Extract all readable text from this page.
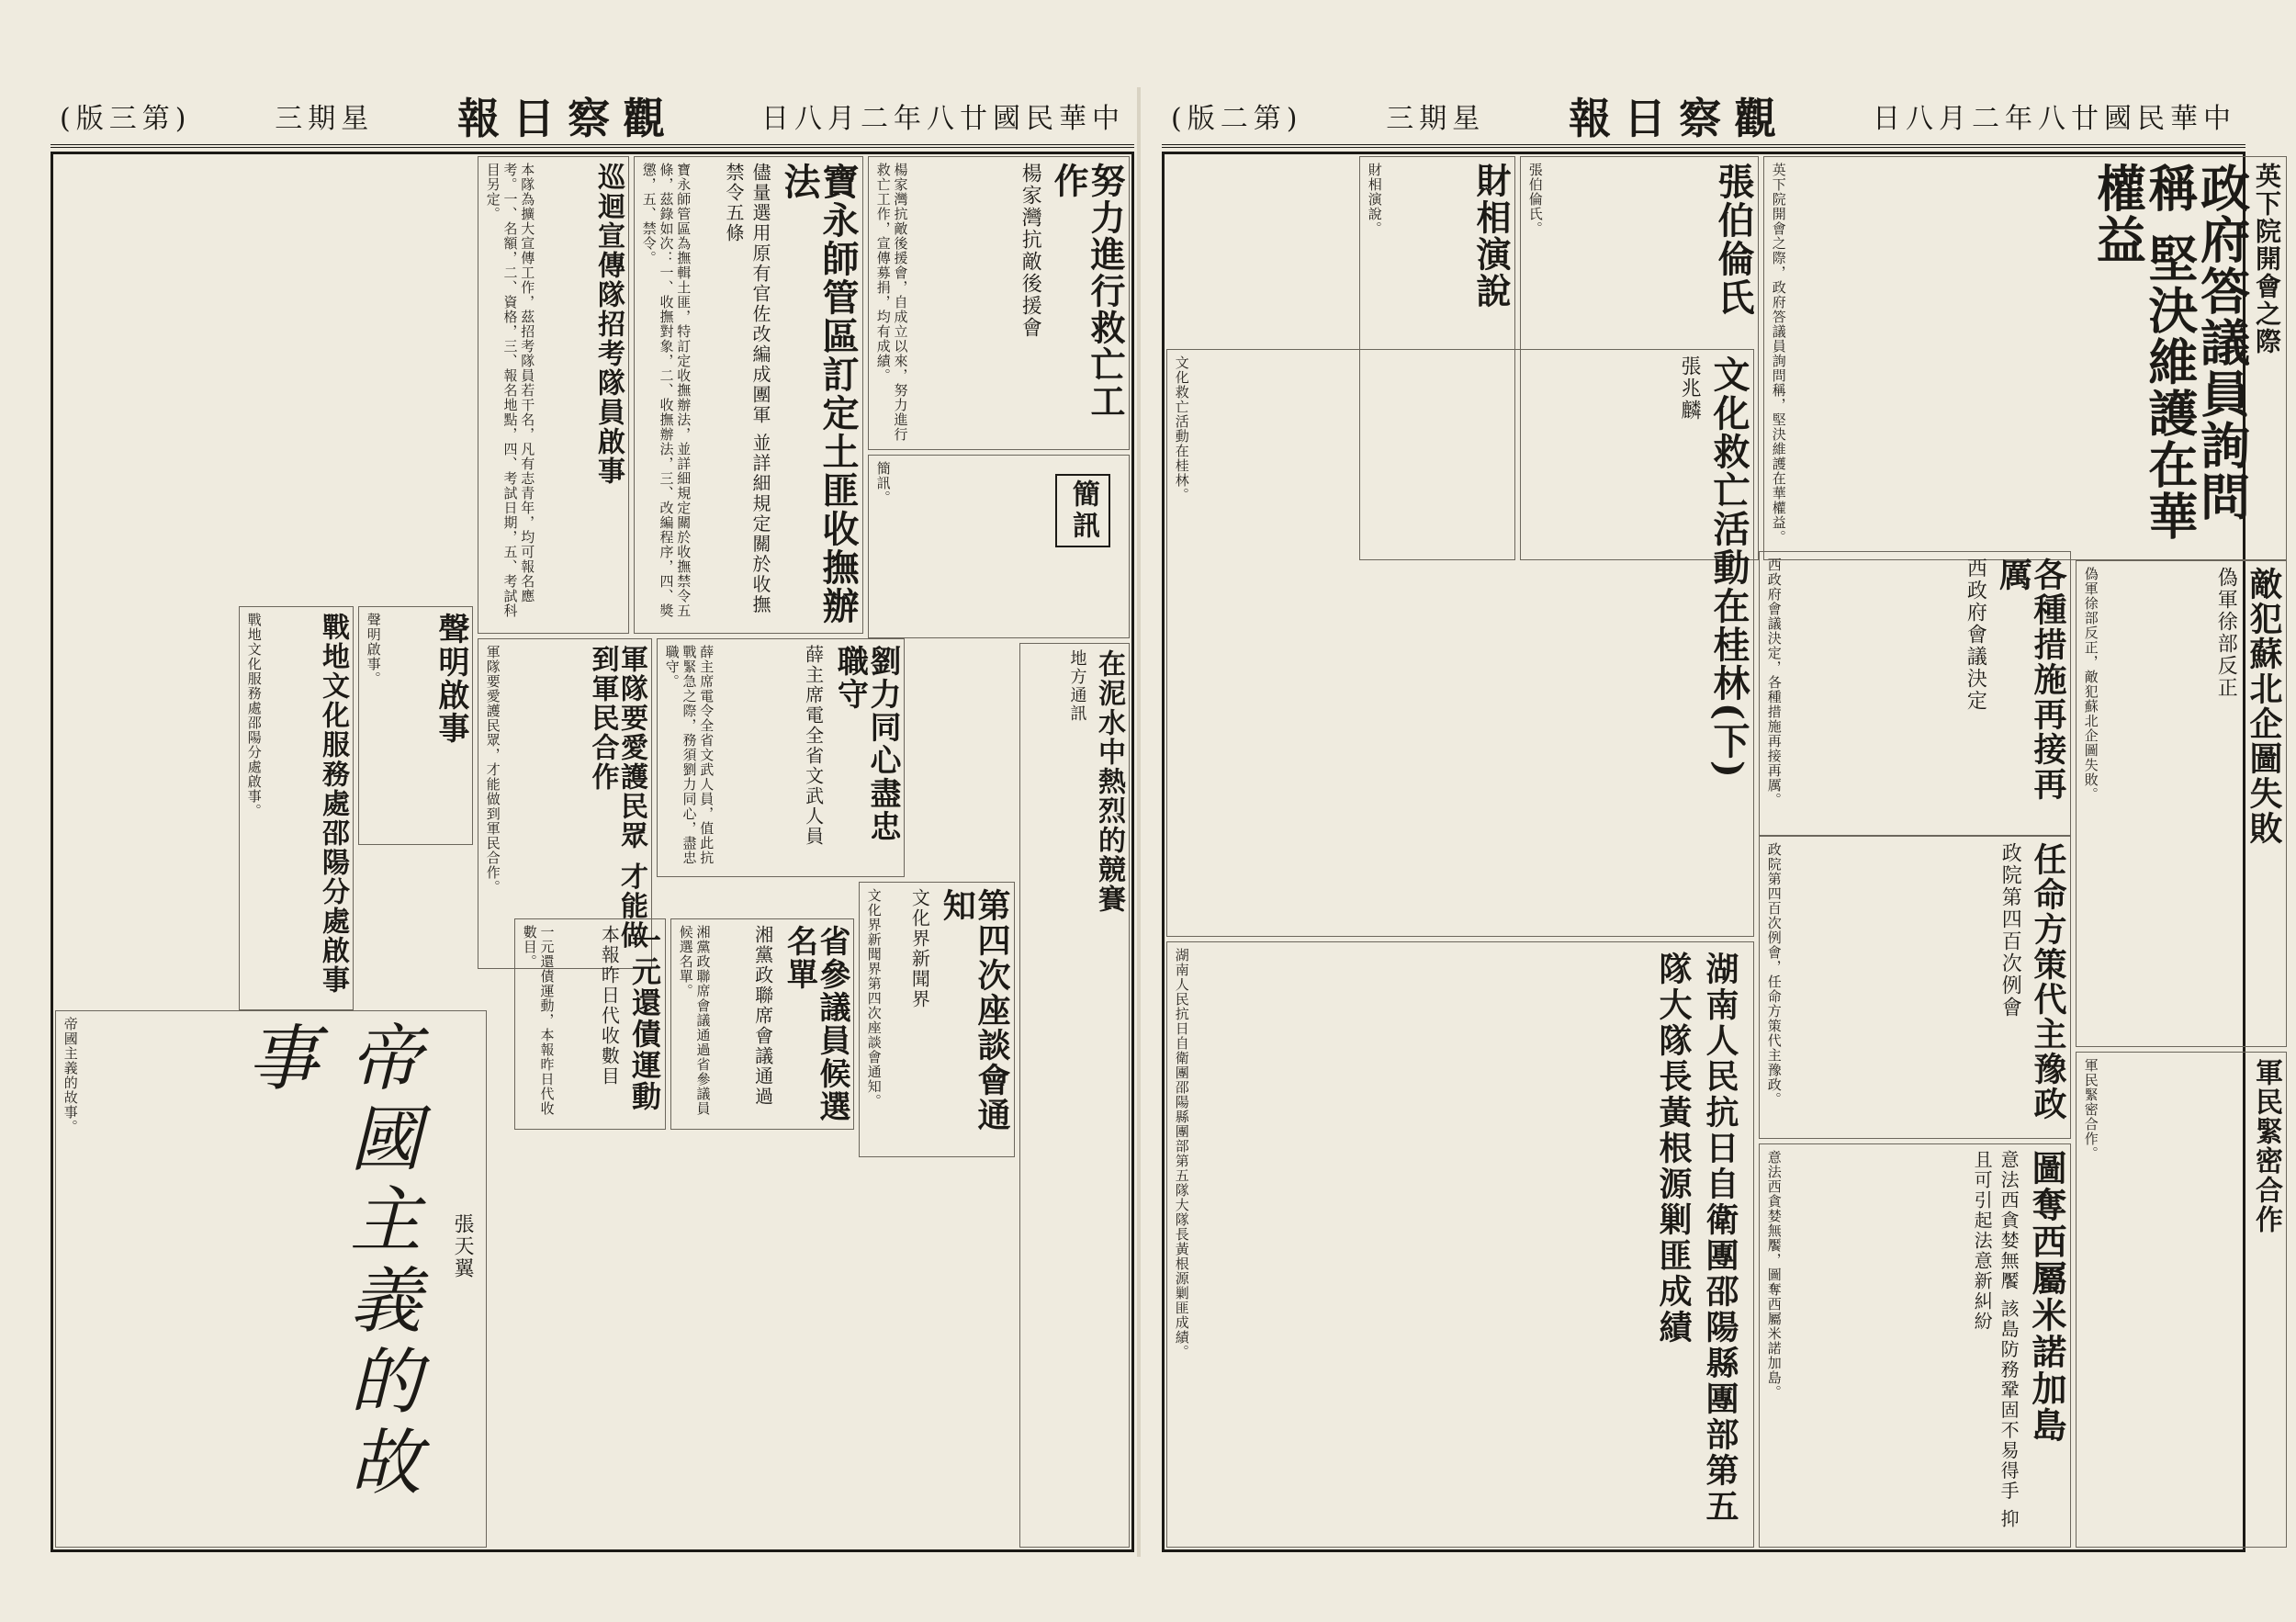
(版三第)	三期星 報日察觀	日八月二年八廿國民華中	(版二第)	三期星 報日察觀	日八月二年八廿國民華中
寶永師管區訂定土匪收撫辦法
儘量選用原有官佐改編成團軍 並詳細規定關於收撫禁令五條
寶永師管區為撫輯土匪，特訂定收撫辦法，並詳細規定關於收撫禁令五條，茲錄如次：一、收撫對象，二、收撫辦法，三、改編程序，四、獎懲，五、禁令。	努力進行救亡工作
楊家灣抗敵後援會
楊家灣抗敵後援會，自成立以來，努力進行救亡工作，宣傳募捐，均有成績。
簡訊
簡訊。
巡迴宣傳隊招考隊員啟事
本隊為擴大宣傳工作，茲招考隊員若干名，凡有志青年，均可報名應考。一、名額，二、資格，三、報名地點，四、考試日期，五、考試科目另定。
劉力同心盡忠職守
薛主席電全省文武人員
薛主席電令全省文武人員，值此抗戰緊急之際，務須劉力同心，盡忠職守。
軍隊要愛護民眾 才能做到軍民合作
軍隊要愛護民眾，才能做到軍民合作。
聲明啟事
聲明啟事。
戰地文化服務處邵陽分處啟事
戰地文化服務處邵陽分處啟事。
一元還債運動
本報昨日代收數目
一元還債運動，本報昨日代收數目。	省參議員候選名單
湘黨政聯席會議通過
湘黨政聯席會議通過省參議員候選名單。	第四次座談會通知
文化界新聞界
文化界新聞界第四次座談會通知。
在泥水中熱烈的競賽
地方通訊
帝國主義的故事
張天翼
帝國主義的故事。
英下院開會之際
政府答議員詢問稱 堅決維護在華權益
英下院開會之際，政府答議員詢問稱，堅決維護在華權益。
財相演說
財相演說。	張伯倫氏
張伯倫氏。
文化救亡活動在桂林(下)
張兆麟
文化救亡活動在桂林。
各種措施再接再厲
西政府會議決定
西政府會議決定，各種措施再接再厲。
任命方策代主豫政
政院第四百次例會
政院第四百次例會，任命方策代主豫政。
敵犯蘇北企圖失敗
偽軍徐部反正
偽軍徐部反正，敵犯蘇北企圖失敗。
軍民緊密合作
軍民緊密合作。
圖奪西屬米諾加島
意法西貪婪無饜 該島防務鞏固不易得手 抑且可引起法意新糾紛
意法西貪婪無饜，圖奪西屬米諾加島。
湖南人民抗日自衛團邵陽縣團部第五隊大隊長黃根源剿匪成績
湖南人民抗日自衛團邵陽縣團部第五隊大隊長黃根源剿匪成績。
